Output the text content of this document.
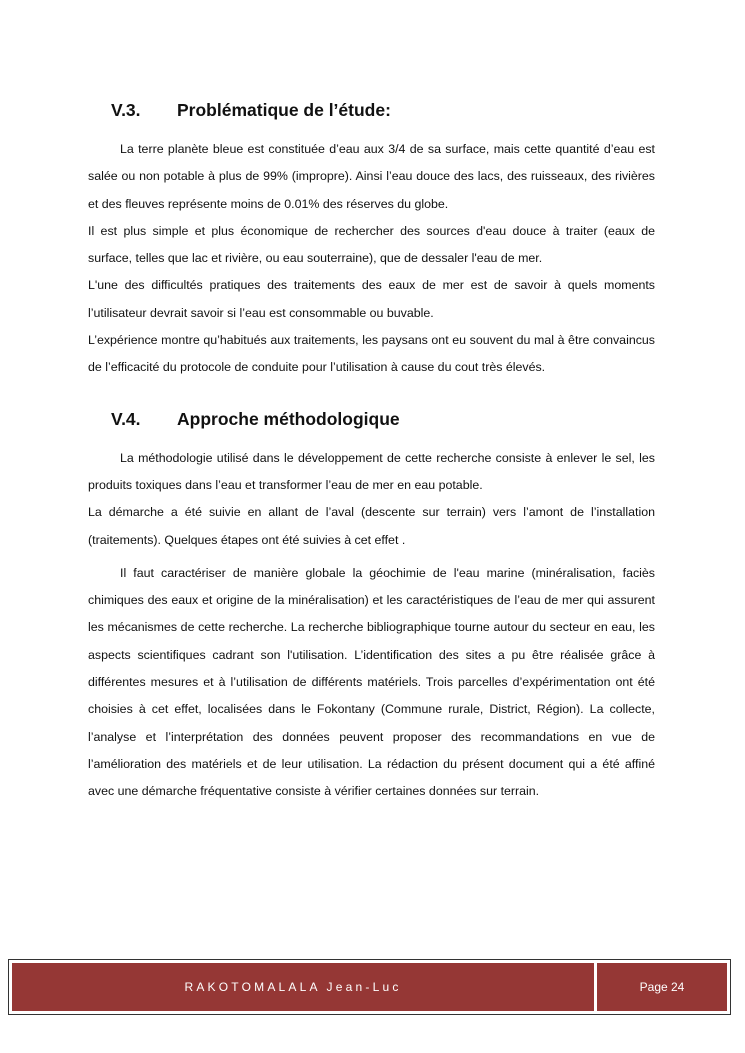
V.3.	Problématique de l’étude:

La terre planète bleue est constituée d’eau aux 3/4 de sa surface, mais cette quantité d’eau est salée ou non potable à plus de 99% (impropre). Ainsi l’eau douce des lacs, des ruisseaux, des rivières et des fleuves représente moins de 0.01% des réserves du globe.

Il est plus simple et plus économique de rechercher des sources d'eau douce à traiter (eaux de surface, telles que lac et rivière, ou eau souterraine), que de dessaler l'eau de mer.

L'une des difficultés pratiques des traitements des eaux de mer est de savoir à quels moments l’utilisateur devrait savoir si l’eau est consommable ou buvable.

L’expérience montre qu’habitués aux traitements, les paysans ont eu souvent du mal à être convaincus de l’efficacité du protocole de conduite pour l’utilisation à cause du cout très élevés.

V.4.	Approche méthodologique

La méthodologie utilisé dans le développement de cette recherche consiste à enlever le sel, les produits toxiques dans l’eau et transformer l’eau de mer en eau potable.

La démarche a été suivie en allant de l’aval (descente sur terrain) vers l’amont de l’installation (traitements). Quelques étapes ont été suivies à cet effet .

Il faut caractériser de manière globale la géochimie de l'eau marine (minéralisation, faciès chimiques des eaux et origine de la minéralisation) et les caractéristiques de l’eau de mer qui assurent les mécanismes de cette recherche. La recherche bibliographique tourne autour du secteur en eau, les aspects scientifiques cadrant son l'utilisation. L’identification des sites a pu être réalisée grâce à différentes mesures et à l’utilisation de différents matériels. Trois parcelles d’expérimentation ont été choisies à cet effet, localisées dans le Fokontany (Commune rurale, District, Région). La collecte, l’analyse et l’interprétation des données peuvent proposer des recommandations en vue de l’amélioration des matériels et de leur utilisation. La rédaction du présent document qui a été affiné avec une démarche fréquentative consiste à vérifier certaines données sur terrain.

RAKOTOMALALA Jean-Luc	Page 24
